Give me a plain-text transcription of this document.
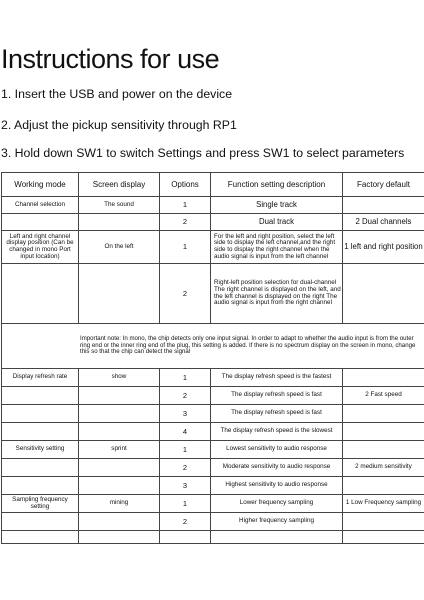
Instructions for use

1. Insert the USB and power on the device

2. Adjust the pickup sensitivity through RP1

3. Hold down SW1 to switch Settings and press SW1 to select parameters

Working mode	Screen display	Options	Function setting description	Factory default
Channel selection	The sound	1	Single track	
		2	Dual track	2 Dual channels
Left and right channel display position (Can be changed in mono Port input location)	On the left	1	For the left and right position, select the left side to display the left channel,and the right side to display the right channel when the audio signal is input from the left channel	1 left and right position
		2	Right-left position selection for dual-channel The right channel is displayed on the left, and the left channel is displayed on the right The audio signal is input from the right channel	
Important note: In mono, the chip detects only one input signal. In order to adapt to whether the audio input is from the outer ring end or the inner ring end of the plug, this setting is added. If there is no spectrum display on the screen in mono, change this so that the chip can detect the signal				
Display refresh rate	show	1	The display refresh speed is the fastest	
		2	The display refresh speed is fast	2 Fast speed
		3	The display refresh speed is fast	
		4	The display refresh speed is the slowest	
Sensitivity setting	sprint	1	Lowest sensitivity to audio response	
		2	Moderate sensitivity to audio response	2 medium sensitivity
		3	Highest sensitivity to audio response	
Sampling frequency setting	mining	1	Lower frequency sampling	1 Low Frequency sampling
		2	Higher frequency sampling	
